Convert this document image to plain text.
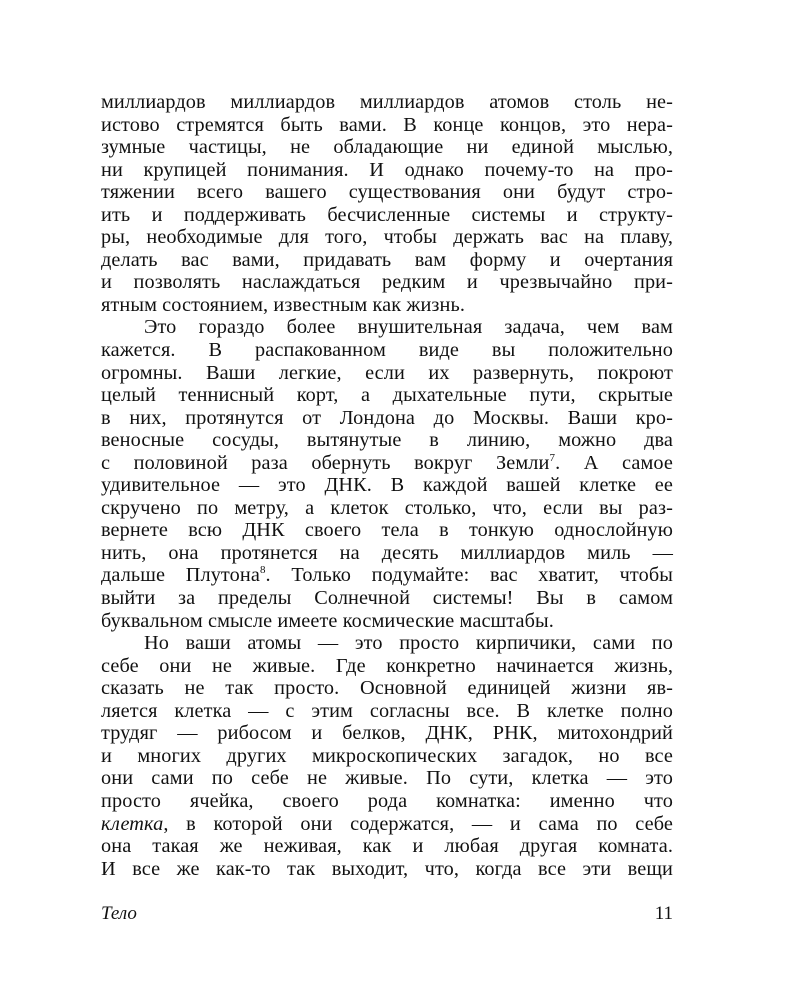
миллиардов миллиардов миллиардов атомов столь не-
истово стремятся быть вами. В конце концов, это нера-
зумные частицы, не обладающие ни единой мыслью,
ни крупицей понимания. И однако почему-то на про-
тяжении всего вашего существования они будут стро-
ить и поддерживать бесчисленные системы и структу-
ры, необходимые для того, чтобы держать вас на плаву,
делать вас вами, придавать вам форму и очертания
и позволять наслаждаться редким и чрезвычайно при-
ятным состоянием, известным как жизнь.
Это гораздо более внушительная задача, чем вам
кажется. В распакованном виде вы положительно
огромны. Ваши легкие, если их развернуть, покроют
целый теннисный корт, а дыхательные пути, скрытые
в них, протянутся от Лондона до Москвы. Ваши кро-
веносные сосуды, вытянутые в линию, можно два
с половиной раза обернуть вокруг Земли$^7$. А самое
удивительное — это ДНК. В каждой вашей клетке ее
скручено по метру, а клеток столько, что, если вы раз-
вернете всю ДНК своего тела в тонкую однослойную
нить, она протянется на десять миллиардов миль —
дальше Плутона$^8$. Только подумайте: вас хватит, чтобы
выйти за пределы Солнечной системы! Вы в самом
буквальном смысле имеете космические масштабы.
Но ваши атомы — это просто кирпичики, сами по
себе они не живые. Где конкретно начинается жизнь,
сказать не так просто. Основной единицей жизни яв-
ляется клетка — с этим согласны все. В клетке полно
трудяг — рибосом и белков, ДНК, РНК, митохондрий
и многих других микроскопических загадок, но все
они сами по себе не живые. По сути, клетка — это
просто ячейка, своего рода комнатка: именно что
клетка, в которой они содержатся, — и сама по себе
она такая же неживая, как и любая другая комната.
И все же как-то так выходит, что, когда все эти вещи
Тело	11
